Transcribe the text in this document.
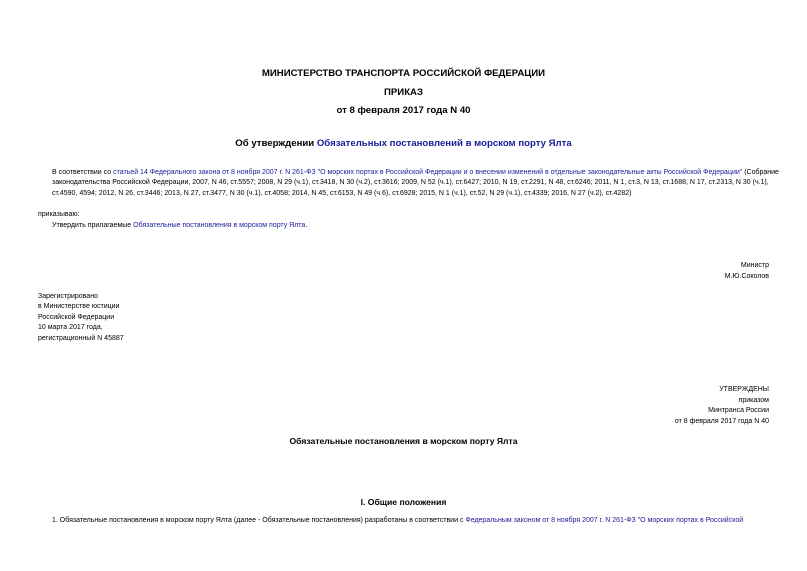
МИНИСТЕРСТВО ТРАНСПОРТА РОССИЙСКОЙ ФЕДЕРАЦИИ
ПРИКАЗ
от 8 февраля 2017 года N 40
Об утверждении Обязательных постановлений в морском порту Ялта
В соответствии со статьей 14 Федерального закона от 8 ноября 2007 г. N 261-ФЗ "О морских портах в Российской Федерации и о внесении изменений в отдельные законодательные акты Российской Федерации" (Собрание законодательства Российской Федерации, 2007, N 46, ст.5557; 2008, N 29 (ч.1), ст.3418, N 30 (ч.2), ст.3616; 2009, N 52 (ч.1), ст.6427; 2010, N 19, ст.2291, N 48, ст.6246; 2011, N 1, ст.3, N 13, ст.1688, N 17, ст.2313, N 30 (ч.1), ст.4590, 4594; 2012, N 26, ст.3446; 2013, N 27, ст.3477, N 30 (ч.1), ст.4058; 2014, N 45, ст.6153, N 49 (ч.6), ст.6928; 2015, N 1 (ч.1), ст.52, N 29 (ч.1), ст.4339; 2016, N 27 (ч.2), ст.4282)
приказываю:
Утвердить прилагаемые Обязательные постановления в морском порту Ялта.
Министр
М.Ю.Соколов
Зарегистрировано
в Министерстве юстиции
Российской Федерации
10 марта 2017 года,
регистрационный N 45887
УТВЕРЖДЕНЫ
приказом
Минтранса России
от 8 февраля 2017 года N 40
Обязательные постановления в морском порту Ялта
I. Общие положения
1. Обязательные постановления в морском порту Ялта (далее - Обязательные постановления) разработаны в соответствии с Федеральным законом от 8 ноября 2007 г. N 261-ФЗ "О морских портах в Российской
